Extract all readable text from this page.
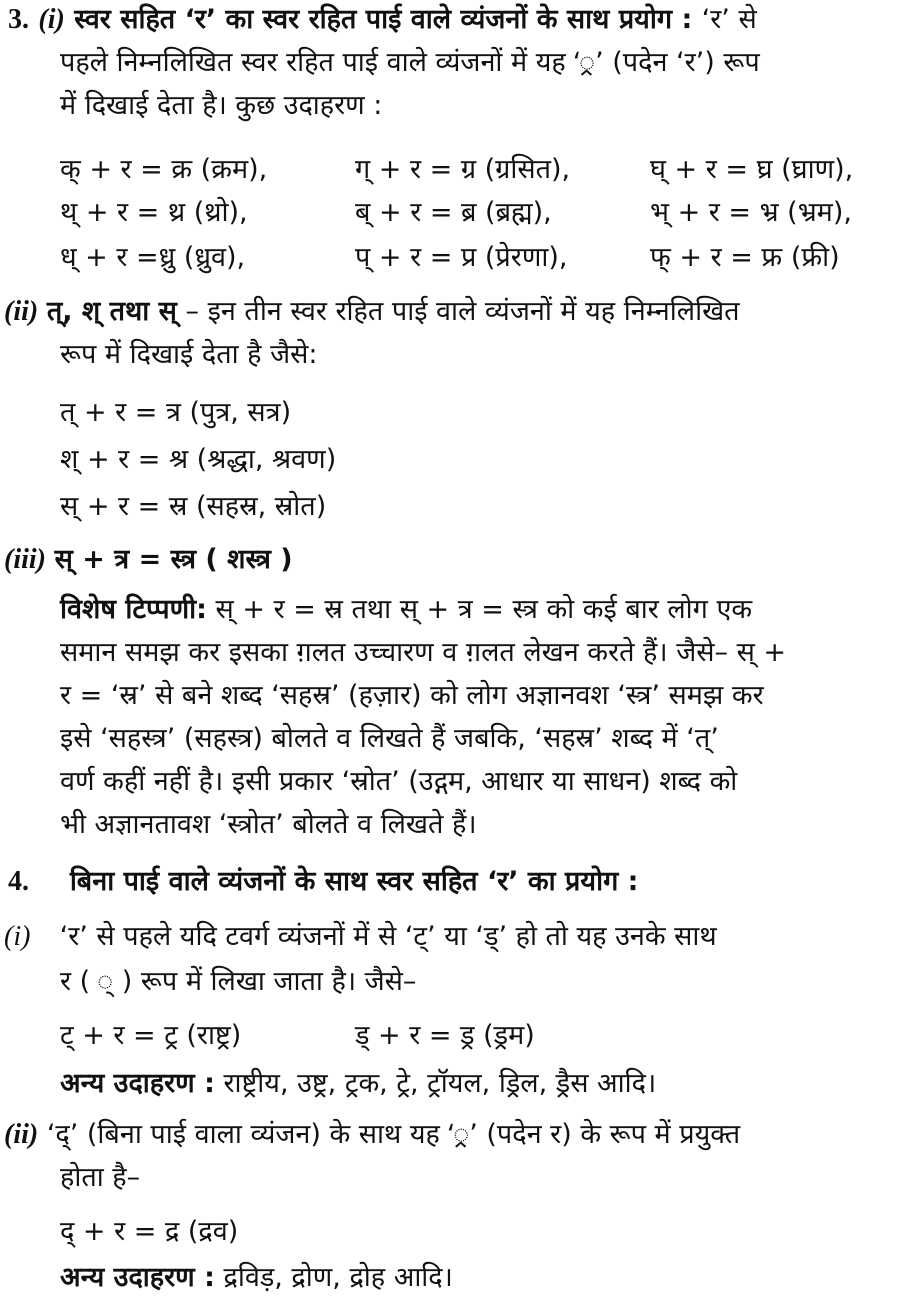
3. (i) स्वर सहित ‘र’ का स्वर रहित पाई वाले व्यंजनों के साथ प्रयोग : ‘र’ से
पहले निम्नलिखित स्वर रहित पाई वाले व्यंजनों में यह ‘्र’ (पदेन ‘र’) रूप
में दिखाई देता है। कुछ उदाहरण :
क् + र = क्र (क्रम),	ग् + र = ग्र (ग्रसित),	घ् + र = घ्र (घ्राण),
थ् + र = थ्र (थ्रो),	ब् + र = ब्र (ब्रह्म),	भ् + र = भ्र (भ्रम),
ध् + र =ध्रु (ध्रुव),	प् + र = प्र (प्रेरणा),	फ् + र = फ्र (फ्री)
(ii) त्, श् तथा स् – इन तीन स्वर रहित पाई वाले व्यंजनों में यह निम्नलिखित
रूप में दिखाई देता है जैसे:
त् + र = त्र (पुत्र, सत्र)
श् + र = श्र (श्रद्धा, श्रवण)
स् + र = स्र (सहस्र, स्रोत)
(iii) स् + त्र = स्त्र ( शस्त्र )
विशेष टिप्पणी: स् + र = स्र तथा स् + त्र = स्त्र को कई बार लोग एक
समान समझ कर इसका ग़लत उच्चारण व ग़लत लेखन करते हैं। जैसे– स् +
र = ‘स्र’ से बने शब्द ‘सहस्र’ (हज़ार) को लोग अज्ञानवश ‘स्त्र’ समझ कर
इसे ‘सहस्त्र’ (सहस्त्र) बोलते व लिखते हैं जबकि, ‘सहस्र’ शब्द में ‘त्’
वर्ण कहीं नहीं है। इसी प्रकार ‘स्रोत’ (उद्गम, आधार या साधन) शब्द को
भी अज्ञानतावश ‘स्त्रोत’ बोलते व लिखते हैं।
4. बिना पाई वाले व्यंजनों के साथ स्वर सहित ‘र’ का प्रयोग :
(i) ‘र’ से पहले यदि टवर्ग व्यंजनों में से ‘ट्’ या ‘ड्’ हो तो यह उनके साथ
र ( ् ) रूप में लिखा जाता है। जैसे–
ट् + र = ट्र (राष्ट्र)	ड् + र = ड्र (ड्रम)
अन्य उदाहरण : राष्ट्रीय, उष्ट्र, ट्रक, ट्रे, ट्रॉयल, ड्रिल, ड्रैस आदि।
(ii) ‘द्’ (बिना पाई वाला व्यंजन) के साथ यह ‘्र’ (पदेन र) के रूप में प्रयुक्त
होता है–
द् + र = द्र (द्रव)
अन्य उदाहरण : द्रविड़, द्रोण, द्रोह आदि।
